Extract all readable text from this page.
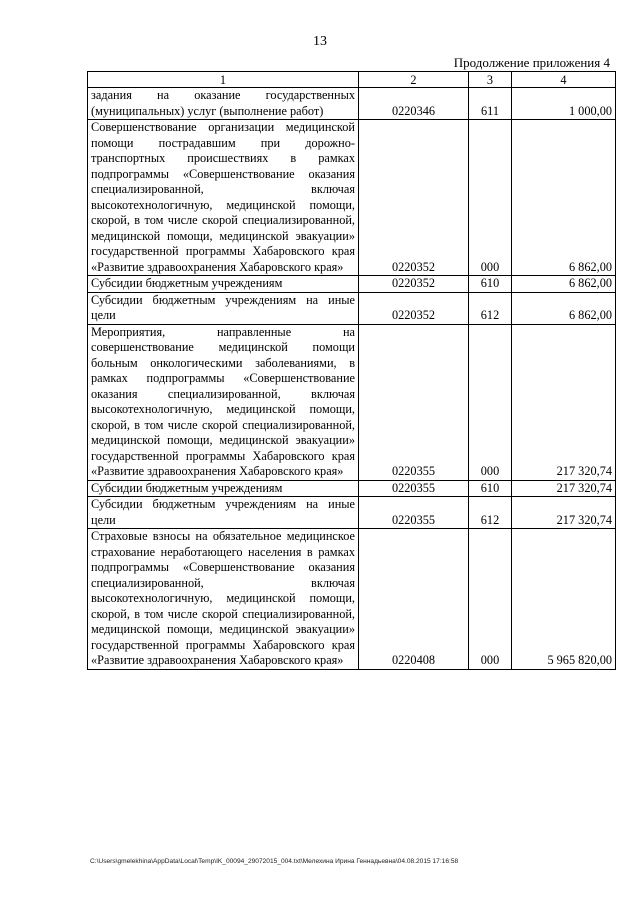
13
Продолжение приложения 4
1	2	3	4
задания на оказание государственных (муниципальных) услуг (выполнение работ)	0220346	611	1 000,00
Совершенствование организации медицинской помощи пострадавшим при дорожно-транспортных происшествиях в рамках подпрограммы «Совершенствование оказания специализированной, включая высокотехнологичную, медицинской помощи, скорой, в том числе скорой специализированной, медицинской помощи, медицинской эвакуации» государственной программы Хабаровского края «Развитие здравоохранения Хабаровского края»	0220352	000	6 862,00
Субсидии бюджетным учреждениям	0220352	610	6 862,00
Субсидии бюджетным учреждениям на иные цели	0220352	612	6 862,00
Мероприятия, направленные на совершенствование медицинской помощи больным онкологическими заболеваниями, в рамках подпрограммы «Совершенствование оказания специализированной, включая высокотехнологичную, медицинской помощи, скорой, в том числе скорой специализированной, медицинской помощи, медицинской эвакуации» государственной программы Хабаровского края «Развитие здравоохранения Хабаровского края»	0220355	000	217 320,74
Субсидии бюджетным учреждениям	0220355	610	217 320,74
Субсидии бюджетным учреждениям на иные цели	0220355	612	217 320,74
Страховые взносы на обязательное медицинское страхование неработающего населения в рамках подпрограммы «Совершенствование оказания специализированной, включая высокотехнологичную, медицинской помощи, скорой, в том числе скорой специализированной, медицинской помощи, медицинской эвакуации» государственной программы Хабаровского края «Развитие здравоохранения Хабаровского края»	0220408	000	5 965 820,00
C:\Users\gmelekhina\AppData\Local\Temp\IK_00094_29072015_004.txt\Мелехина Ирина Геннадьевна\04.08.2015 17:16:58
